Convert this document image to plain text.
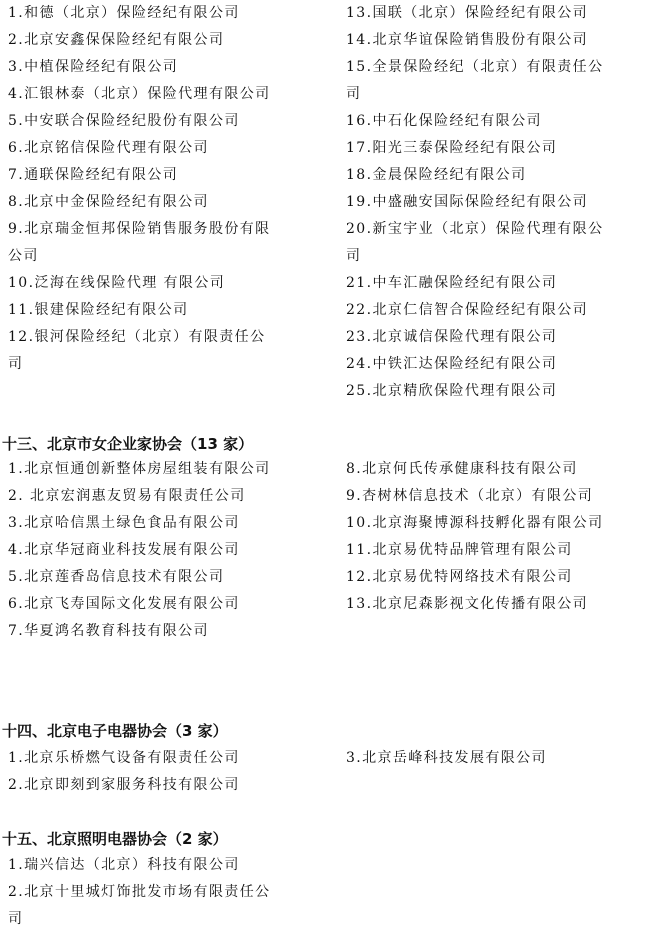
1.和德（北京）保险经纪有限公司
2.北京安鑫保保险经纪有限公司
3.中植保险经纪有限公司
4.汇银林泰（北京）保险代理有限公司
5.中安联合保险经纪股份有限公司
6.北京铭信保险代理有限公司
7.通联保险经纪有限公司
8.北京中金保险经纪有限公司
9.北京瑞金恒邦保险销售服务股份有限公司
10.泛海在线保险代理 有限公司
11.银建保险经纪有限公司
12.银河保险经纪（北京）有限责任公司
13.国联（北京）保险经纪有限公司
14.北京华谊保险销售股份有限公司
15.全景保险经纪（北京）有限责任公司
16.中石化保险经纪有限公司
17.阳光三泰保险经纪有限公司
18.金晨保险经纪有限公司
19.中盛融安国际保险经纪有限公司
20.新宝宇业（北京）保险代理有限公司
21.中车汇融保险经纪有限公司
22.北京仁信智合保险经纪有限公司
23.北京诚信保险代理有限公司
24.中铁汇达保险经纪有限公司
25.北京精欣保险代理有限公司
十三、北京市女企业家协会（13 家）
1.北京恒通创新整体房屋组装有限公司
2. 北京宏润惠友贸易有限责任公司
3.北京哈信黑土绿色食品有限公司
4.北京华冠商业科技发展有限公司
5.北京莲香岛信息技术有限公司
6.北京飞寿国际文化发展有限公司
7.华夏鸿名教育科技有限公司
8.北京何氏传承健康科技有限公司
9.杏树林信息技术（北京）有限公司
10.北京海聚博源科技孵化器有限公司
11.北京易优特品牌管理有限公司
12.北京易优特网络技术有限公司
13.北京尼森影视文化传播有限公司
十四、北京电子电器协会（3 家）
1.北京乐桥燃气设备有限责任公司
2.北京即刻到家服务科技有限公司
3.北京岳峰科技发展有限公司
十五、北京照明电器协会（2 家）
1.瑞兴信达（北京）科技有限公司
2.北京十里城灯饰批发市场有限责任公司
